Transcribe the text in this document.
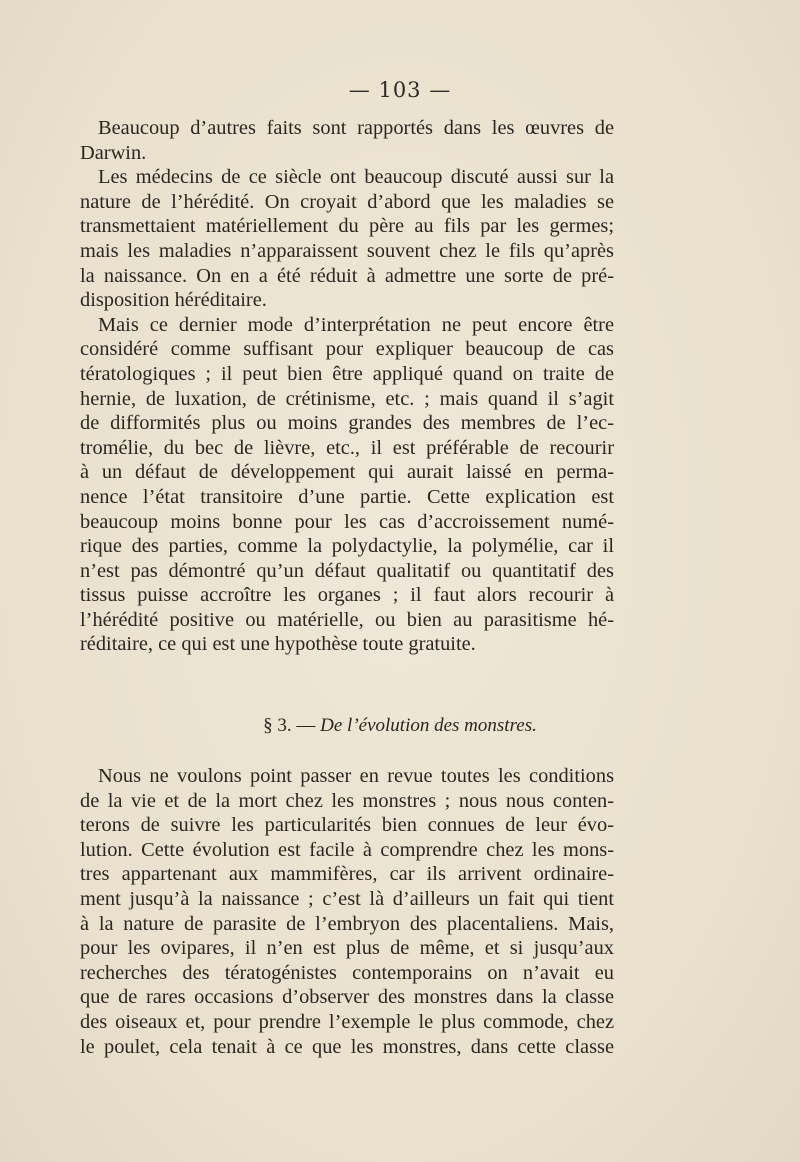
— 103 —
Beaucoup d’autres faits sont rapportés dans les œuvres de
Darwin.
Les médecins de ce siècle ont beaucoup discuté aussi sur la
nature de l’hérédité. On croyait d’abord que les maladies se
transmettaient matériellement du père au fils par les germes;
mais les maladies n’apparaissent souvent chez le fils qu’après
la naissance. On en a été réduit à admettre une sorte de pré-
disposition héréditaire.
Mais ce dernier mode d’interprétation ne peut encore être
considéré comme suffisant pour expliquer beaucoup de cas
tératologiques ; il peut bien être appliqué quand on traite de
hernie, de luxation, de crétinisme, etc. ; mais quand il s’agit
de difformités plus ou moins grandes des membres de l’ec-
tromélie, du bec de lièvre, etc., il est préférable de recourir
à un défaut de développement qui aurait laissé en perma-
nence l’état transitoire d’une partie. Cette explication est
beaucoup moins bonne pour les cas d’accroissement numé-
rique des parties, comme la polydactylie, la polymélie, car il
n’est pas démontré qu’un défaut qualitatif ou quantitatif des
tissus puisse accroître les organes ; il faut alors recourir à
l’hérédité positive ou matérielle, ou bien au parasitisme hé-
réditaire, ce qui est une hypothèse toute gratuite.
§ 3. — De l’évolution des monstres.
Nous ne voulons point passer en revue toutes les conditions
de la vie et de la mort chez les monstres ; nous nous conten-
terons de suivre les particularités bien connues de leur évo-
lution. Cette évolution est facile à comprendre chez les mons-
tres appartenant aux mammifères, car ils arrivent ordinaire-
ment jusqu’à la naissance ; c’est là d’ailleurs un fait qui tient
à la nature de parasite de l’embryon des placentaliens. Mais,
pour les ovipares, il n’en est plus de même, et si jusqu’aux
recherches des tératogénistes contemporains on n’avait eu
que de rares occasions d’observer des monstres dans la classe
des oiseaux et, pour prendre l’exemple le plus commode, chez
le poulet, cela tenait à ce que les monstres, dans cette classe
